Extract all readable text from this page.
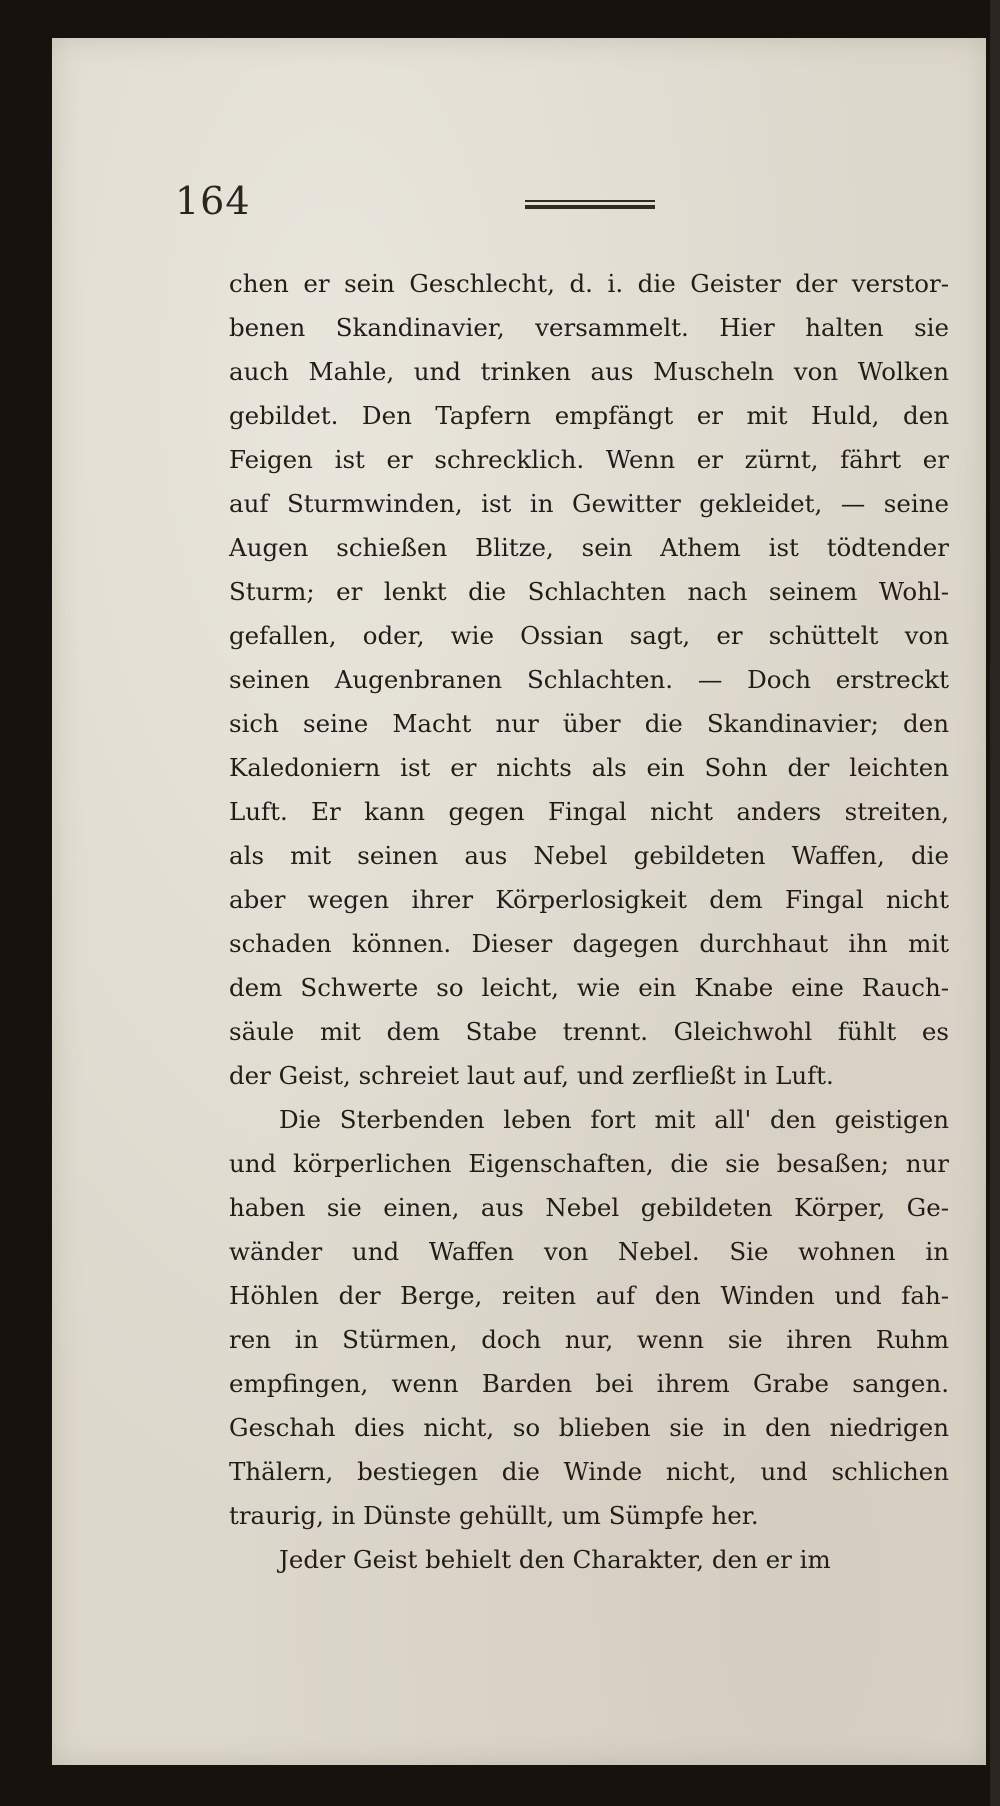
164
chen er sein Geschlecht, d. i. die Geister der verstor-
benen Skandinavier, versammelt. Hier halten sie
auch Mahle, und trinken aus Muscheln von Wolken
gebildet. Den Tapfern empfängt er mit Huld, den
Feigen ist er schrecklich. Wenn er zürnt, fährt er
auf Sturmwinden, ist in Gewitter gekleidet, — seine
Augen schießen Blitze, sein Athem ist tödtender
Sturm; er lenkt die Schlachten nach seinem Wohl-
gefallen, oder, wie Ossian sagt, er schüttelt von
seinen Augenbranen Schlachten. — Doch erstreckt
sich seine Macht nur über die Skandinavier; den
Kaledoniern ist er nichts als ein Sohn der leichten
Luft. Er kann gegen Fingal nicht anders streiten,
als mit seinen aus Nebel gebildeten Waffen, die
aber wegen ihrer Körperlosigkeit dem Fingal nicht
schaden können. Dieser dagegen durchhaut ihn mit
dem Schwerte so leicht, wie ein Knabe eine Rauch-
säule mit dem Stabe trennt. Gleichwohl fühlt es
der Geist, schreiet laut auf, und zerfließt in Luft.
Die Sterbenden leben fort mit all' den geistigen
und körperlichen Eigenschaften, die sie besaßen; nur
haben sie einen, aus Nebel gebildeten Körper, Ge-
wänder und Waffen von Nebel. Sie wohnen in
Höhlen der Berge, reiten auf den Winden und fah-
ren in Stürmen, doch nur, wenn sie ihren Ruhm
empfingen, wenn Barden bei ihrem Grabe sangen.
Geschah dies nicht, so blieben sie in den niedrigen
Thälern, bestiegen die Winde nicht, und schlichen
traurig, in Dünste gehüllt, um Sümpfe her.
Jeder Geist behielt den Charakter, den er im
